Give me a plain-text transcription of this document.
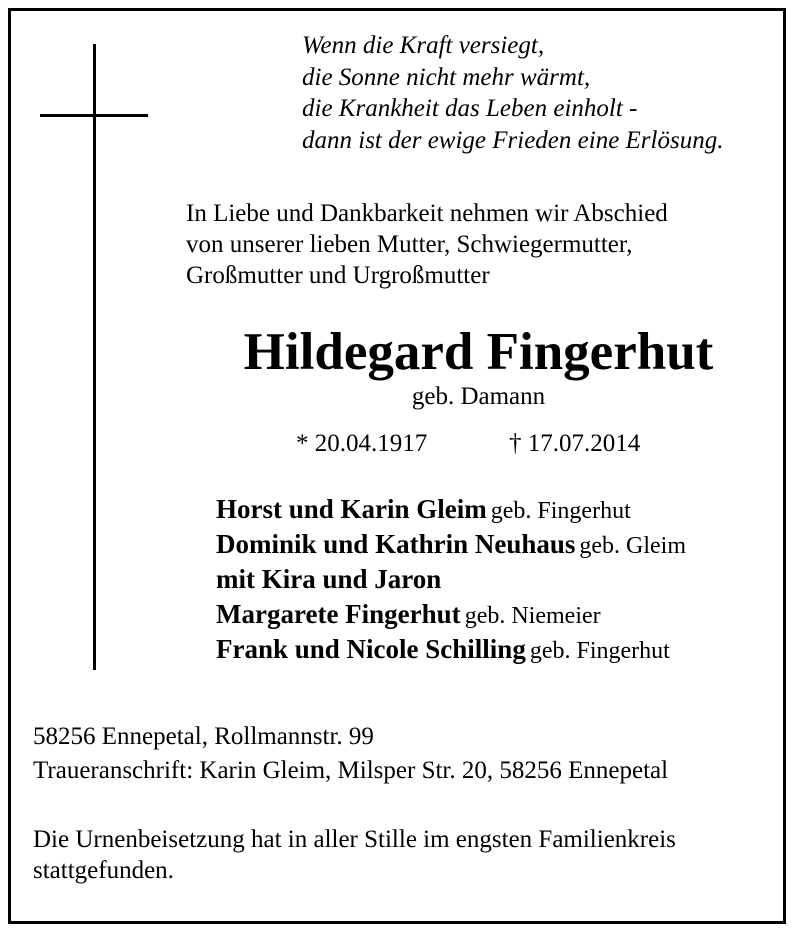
Wenn die Kraft versiegt,
die Sonne nicht mehr wärmt,
die Krankheit das Leben einholt -
dann ist der ewige Frieden eine Erlösung.
In Liebe und Dankbarkeit nehmen wir Abschied
von unserer lieben Mutter, Schwiegermutter,
Großmutter und Urgroßmutter
Hildegard Fingerhut
geb. Damann
* 20.04.1917	† 17.07.2014
Horst und Karin Gleim geb. Fingerhut
Dominik und Kathrin Neuhaus geb. Gleim
mit Kira und Jaron
Margarete Fingerhut geb. Niemeier
Frank und Nicole Schilling geb. Fingerhut
58256 Ennepetal, Rollmannstr. 99
Traueranschrift: Karin Gleim, Milsper Str. 20, 58256 Ennepetal
Die Urnenbeisetzung hat in aller Stille im engsten Familienkreis
stattgefunden.
